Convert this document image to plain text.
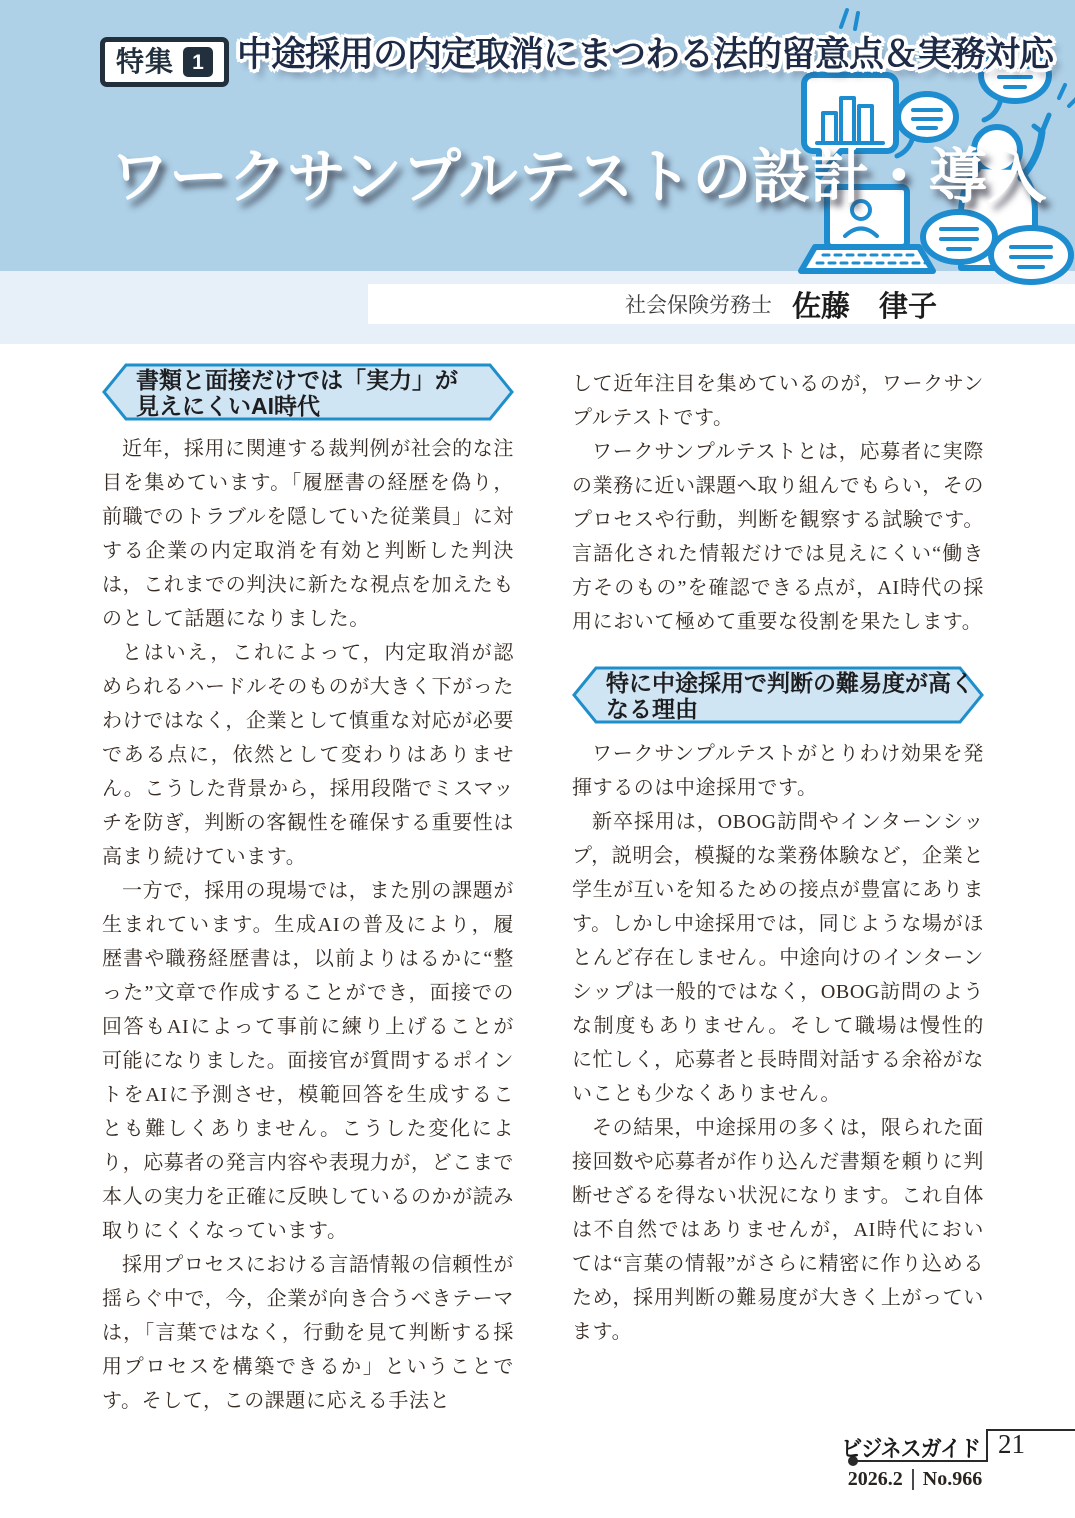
特集 1 中途採用の内定取消にまつわる法的留意点＆実務対応
ワークサンプルテストの設計・導入
社会保険労務士 佐藤　律子
書類と面接だけでは「実力」が
見えにくいAI時代

近年，採用に関連する裁判例が社会的な注目を集めています。「履歴書の経歴を偽り，前職でのトラブルを隠していた従業員」に対する企業の内定取消を有効と判断した判決は，これまでの判決に新たな視点を加えたものとして話題になりました。

とはいえ，これによって，内定取消が認められるハードルそのものが大きく下がったわけではなく，企業として慎重な対応が必要である点に，依然として変わりはありません。こうした背景から，採用段階でミスマッチを防ぎ，判断の客観性を確保する重要性は高まり続けています。

一方で，採用の現場では，また別の課題が生まれています。生成AIの普及により，履歴書や職務経歴書は，以前よりはるかに“整った”文章で作成することができ，面接での回答もAIによって事前に練り上げることが可能になりました。面接官が質問するポイントをAIに予測させ，模範回答を生成することも難しくありません。こうした変化により，応募者の発言内容や表現力が，どこまで本人の実力を正確に反映しているのかが読み取りにくくなっています。

採用プロセスにおける言語情報の信頼性が揺らぐ中で，今，企業が向き合うべきテーマは，「言葉ではなく，行動を見て判断する採用プロセスを構築できるか」ということです。そして，この課題に応える手法と

して近年注目を集めているのが，ワークサンプルテストです。

ワークサンプルテストとは，応募者に実際の業務に近い課題へ取り組んでもらい，そのプロセスや行動，判断を観察する試験です。言語化された情報だけでは見えにくい“働き方そのもの”を確認できる点が，AI時代の採用において極めて重要な役割を果たします。

特に中途採用で判断の難易度が高く
なる理由

ワークサンプルテストがとりわけ効果を発揮するのは中途採用です。

新卒採用は，OBOG訪問やインターンシップ，説明会，模擬的な業務体験など，企業と学生が互いを知るための接点が豊富にあります。しかし中途採用では，同じような場がほとんど存在しません。中途向けのインターンシップは一般的ではなく，OBOG訪問のような制度もありません。そして職場は慢性的に忙しく，応募者と長時間対話する余裕がないことも少なくありません。

その結果，中途採用の多くは，限られた面接回数や応募者が作り込んだ書類を頼りに判断せざるを得ない状況になります。これ自体は不自然ではありませんが，AI時代においては“言葉の情報”がさらに精密に作り込めるため，採用判断の難易度が大きく上がっています。

ビジネスガイド 21
2026.2 No.966
